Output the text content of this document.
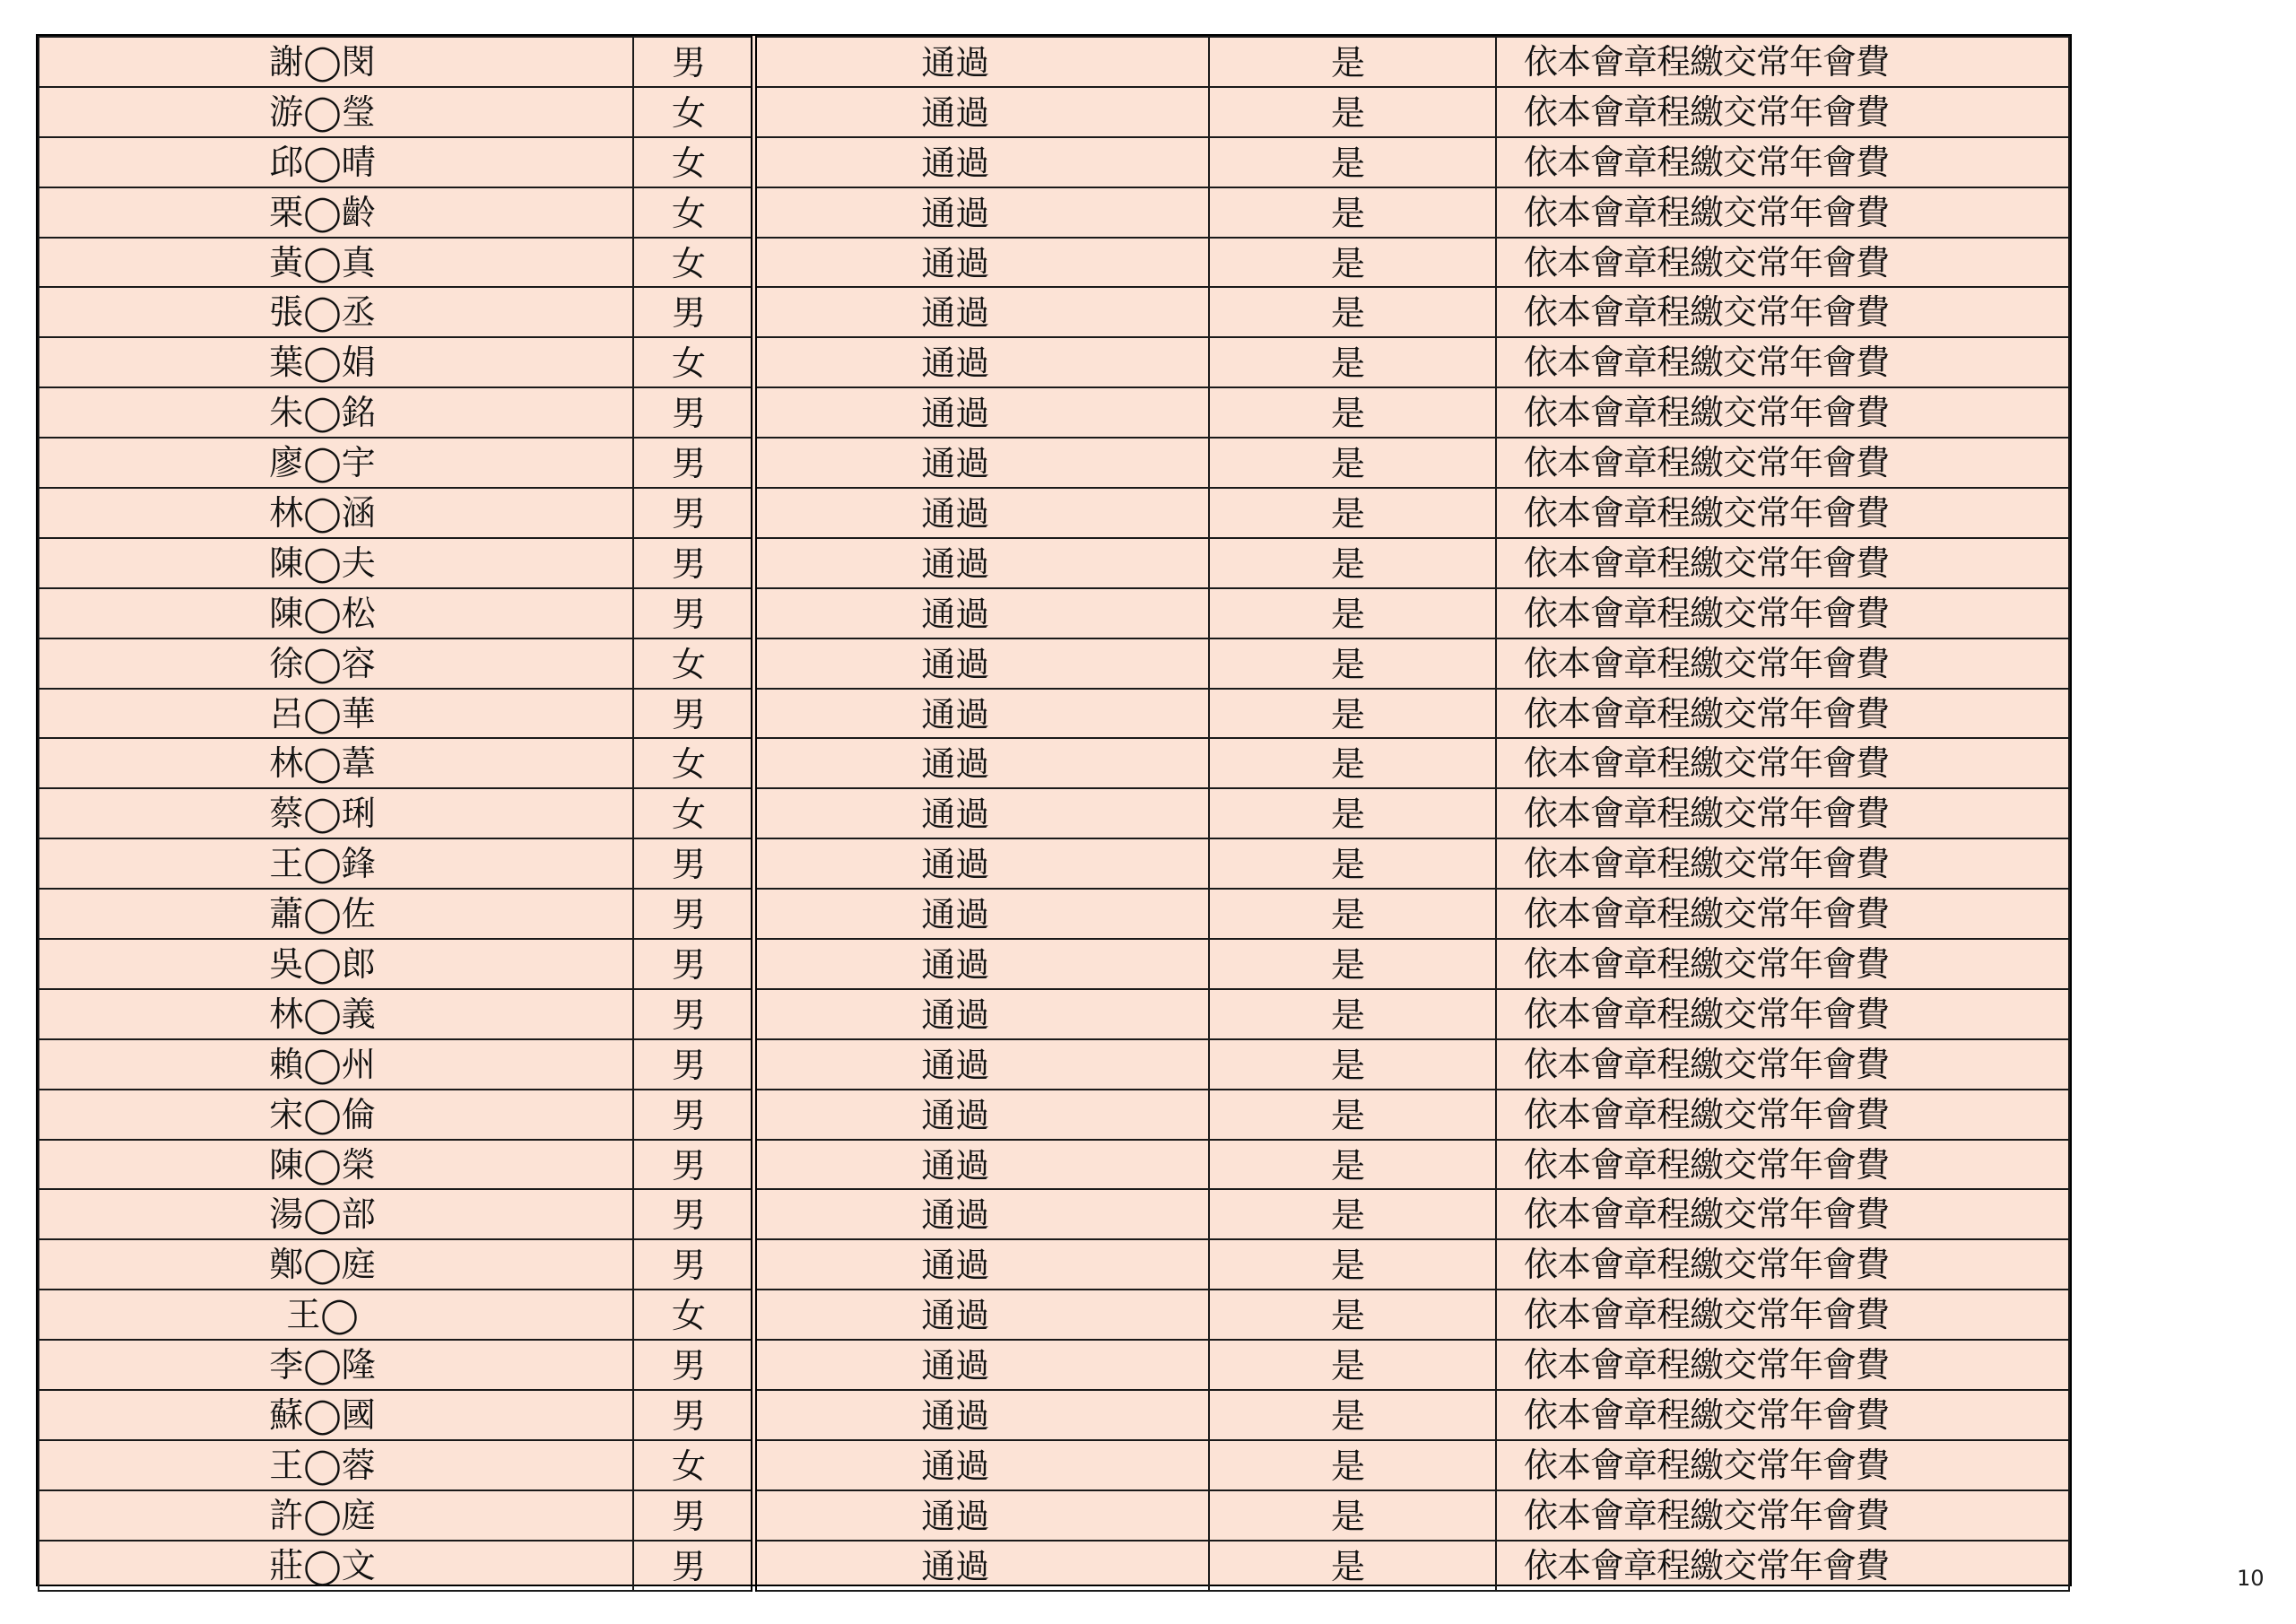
謝◯閔	男	通過	是	依本會章程繳交常年會費
游◯瑩	女	通過	是	依本會章程繳交常年會費
邱◯晴	女	通過	是	依本會章程繳交常年會費
栗◯齡	女	通過	是	依本會章程繳交常年會費
黃◯真	女	通過	是	依本會章程繳交常年會費
張◯丞	男	通過	是	依本會章程繳交常年會費
葉◯娟	女	通過	是	依本會章程繳交常年會費
朱◯銘	男	通過	是	依本會章程繳交常年會費
廖◯宇	男	通過	是	依本會章程繳交常年會費
林◯涵	男	通過	是	依本會章程繳交常年會費
陳◯夫	男	通過	是	依本會章程繳交常年會費
陳◯松	男	通過	是	依本會章程繳交常年會費
徐◯容	女	通過	是	依本會章程繳交常年會費
呂◯華	男	通過	是	依本會章程繳交常年會費
林◯葦	女	通過	是	依本會章程繳交常年會費
蔡◯琍	女	通過	是	依本會章程繳交常年會費
王◯鋒	男	通過	是	依本會章程繳交常年會費
蕭◯佐	男	通過	是	依本會章程繳交常年會費
吳◯郎	男	通過	是	依本會章程繳交常年會費
林◯義	男	通過	是	依本會章程繳交常年會費
賴◯州	男	通過	是	依本會章程繳交常年會費
宋◯倫	男	通過	是	依本會章程繳交常年會費
陳◯榮	男	通過	是	依本會章程繳交常年會費
湯◯部	男	通過	是	依本會章程繳交常年會費
鄭◯庭	男	通過	是	依本會章程繳交常年會費
王◯	女	通過	是	依本會章程繳交常年會費
李◯隆	男	通過	是	依本會章程繳交常年會費
蘇◯國	男	通過	是	依本會章程繳交常年會費
王◯蓉	女	通過	是	依本會章程繳交常年會費
許◯庭	男	通過	是	依本會章程繳交常年會費
莊◯文	男	通過	是	依本會章程繳交常年會費	10
